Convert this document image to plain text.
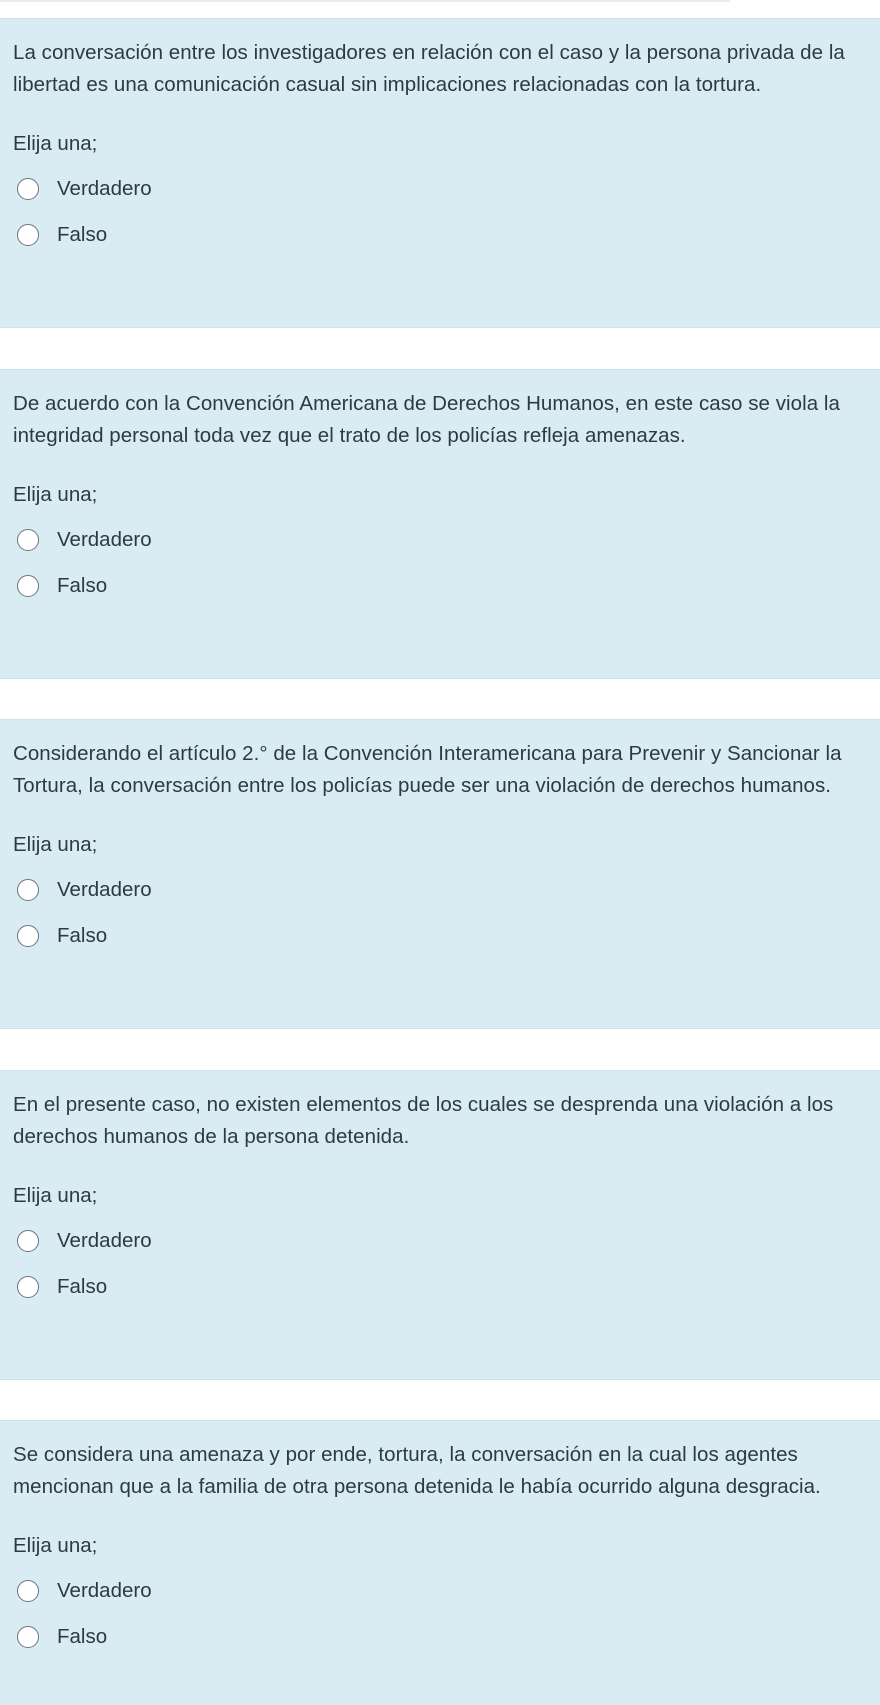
La conversación entre los investigadores en relación con el caso y la persona privada de la libertad es una comunicación casual sin implicaciones relacionadas con la tortura.

Elija una;
Verdadero
Falso

De acuerdo con la Convención Americana de Derechos Humanos, en este caso se viola la integridad personal toda vez que el trato de los policías refleja amenazas.

Elija una;
Verdadero
Falso

Considerando el artículo 2.° de la Convención Interamericana para Prevenir y Sancionar la Tortura, la conversación entre los policías puede ser una violación de derechos humanos.

Elija una;
Verdadero
Falso

En el presente caso, no existen elementos de los cuales se desprenda una violación a los derechos humanos de la persona detenida.

Elija una;
Verdadero
Falso

Se considera una amenaza y por ende, tortura, la conversación en la cual los agentes mencionan que a la familia de otra persona detenida le había ocurrido alguna desgracia.

Elija una;
Verdadero
Falso
